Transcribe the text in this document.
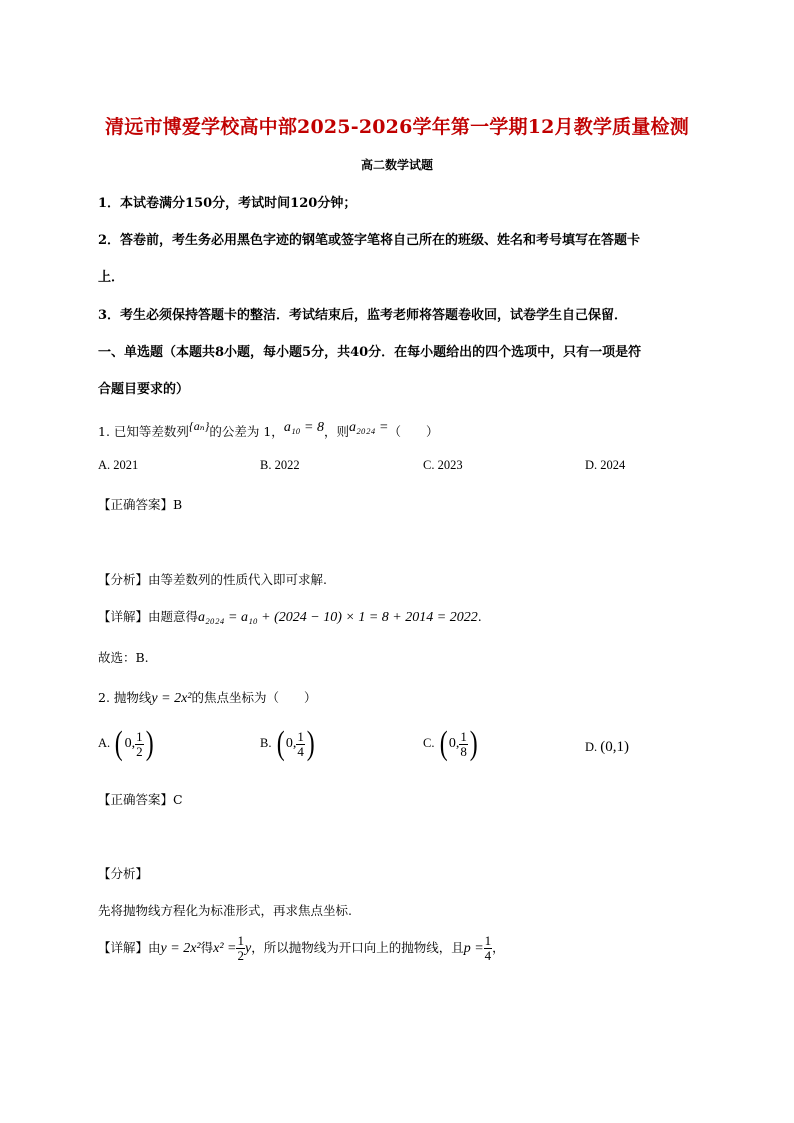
清远市博爱学校高中部2025-2026学年第一学期12月教学质量检测
高二数学试题
1．本试卷满分150分，考试时间120分钟；
2．答卷前，考生务必用黑色字迹的钢笔或签字笔将自己所在的班级、姓名和考号填写在答题卡
上．
3．考生必须保持答题卡的整洁．考试结束后，监考老师将答题卷收回，试卷学生自己保留．
一、单选题（本题共8小题，每小题5分，共40分．在每小题给出的四个选项中，只有一项是符
合题目要求的）
1. 已知等差数列{aₙ}的公差为 1，a₁₀ = 8，则a₂₀₂₄ =（　　）
A. 2021	B. 2022	C. 2023	D. 2024
【正确答案】B
【分析】由等差数列的性质代入即可求解.
【详解】由题意得a₂₀₂₄ = a₁₀ + (2024 − 10) × 1 = 8 + 2014 = 2022.
故选：B.
2. 抛物线y = 2x²的焦点坐标为（　　）
A. ( 0, $\frac{1}{2}$ )	B. ( 0, $\frac{1}{4}$ )	C. ( 0, $\frac{1}{8}$ )	D. (0,1)
【正确答案】C
【分析】
先将抛物线方程化为标准形式，再求焦点坐标.
【详解】由y = 2x²得$x^2 = \frac{1}{2}$ y，所以抛物线为开口向上的抛物线，且$p = \frac{1}{4}$ ，
